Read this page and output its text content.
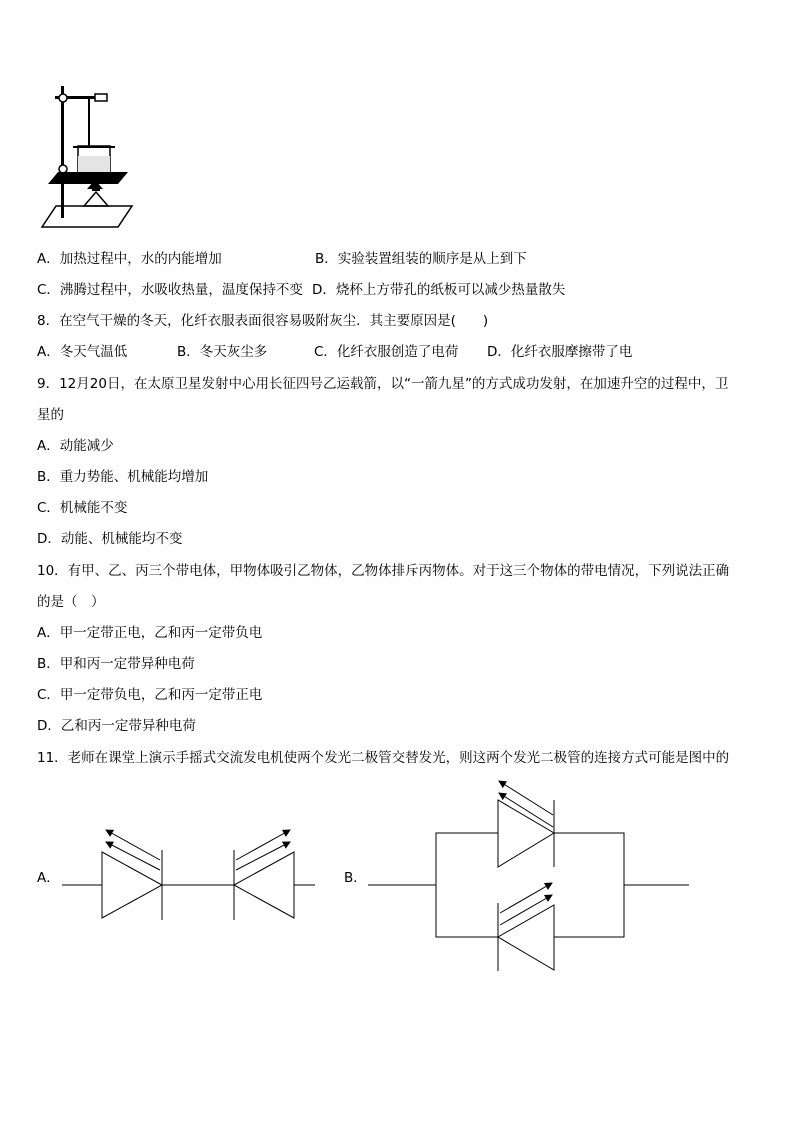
A．加热过程中，水的内能增加	B．实验装置组装的顺序是从上到下
C．沸腾过程中，水吸收热量，温度保持不变 D．烧杯上方带孔的纸板可以减少热量散失
8．在空气干燥的冬天，化纤衣服表面很容易吸附灰尘．其主要原因是(　　)
A．冬天气温低	B．冬天灰尘多	C．化纤衣服创造了电荷 D．化纤衣服摩擦带了电
9．12月20日，在太原卫星发射中心用长征四号乙运载箭，以“一箭九星”的方式成功发射，在加速升空的过程中，卫
星的
A．动能减少
B．重力势能、机械能均增加
C．机械能不变
D．动能、机械能均不变
10．有甲、乙、丙三个带电体，甲物体吸引乙物体，乙物体排斥丙物体。对于这三个物体的带电情况，下列说法正确
的是（　）
A．甲一定带正电，乙和丙一定带负电
B．甲和丙一定带异种电荷
C．甲一定带负电，乙和丙一定带正电
D．乙和丙一定带异种电荷
11．老师在课堂上演示手摇式交流发电机使两个发光二极管交替发光，则这两个发光二极管的连接方式可能是图中的
A．	B．
